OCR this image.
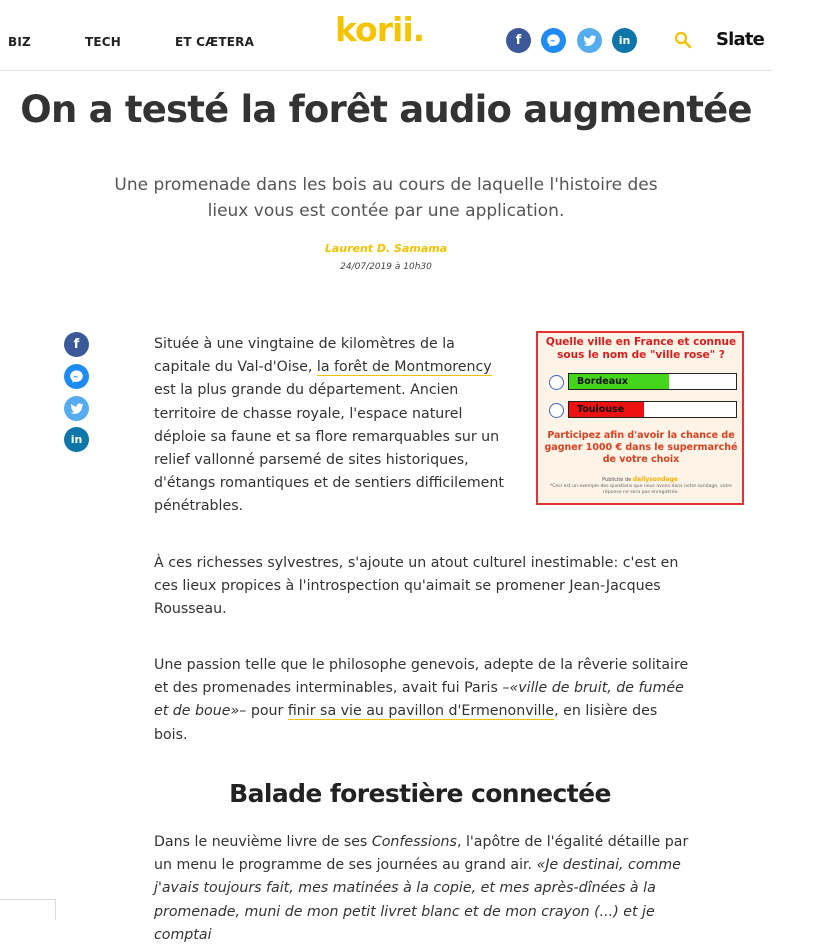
BIZ	TECH	ET CÆTERA korii.	f	in	Slate
On a testé la forêt audio augmentée
Une promenade dans les bois au cours de laquelle l'histoire des lieux vous est contée par une application.
Laurent D. Samama
24/07/2019 à 10h30
f
in

Située à une vingtaine de kilomètres de la capitale du Val-d'Oise, la forêt de Montmorency est la plus grande du département. Ancien territoire de chasse royale, l'espace naturel déploie sa faune et sa flore remarquables sur un relief vallonné parsemé de sites historiques, d'étangs romantiques et de sentiers difficilement pénétrables.

Quelle ville en France et connue sous le nom de "ville rose" ?
Bordeaux
Toulouse
Participez afin d'avoir la chance de gagner 1000 € dans le supermarché de votre choix
Publicité de dailysondage
*Ceci est un exemple des questions que nous avons dans notre sondage, votre réponse ne sera pas enregistrée.

À ces richesses sylvestres, s'ajoute un atout culturel inestimable: c'est en ces lieux propices à l'introspection qu'aimait se promener Jean-Jacques Rousseau.

Une passion telle que le philosophe genevois, adepte de la rêverie solitaire et des promenades interminables, avait fui Paris –«ville de bruit, de fumée et de boue»– pour finir sa vie au pavillon d'Ermenonville, en lisière des bois.

Balade forestière connectée

Dans le neuvième livre de ses Confessions, l'apôtre de l'égalité détaille par un menu le programme de ses journées au grand air. «Je destinai, comme j'avais toujours fait, mes matinées à la copie, et mes après-dînées à la promenade, muni de mon petit livret blanc et de mon crayon (...) et je comptai
